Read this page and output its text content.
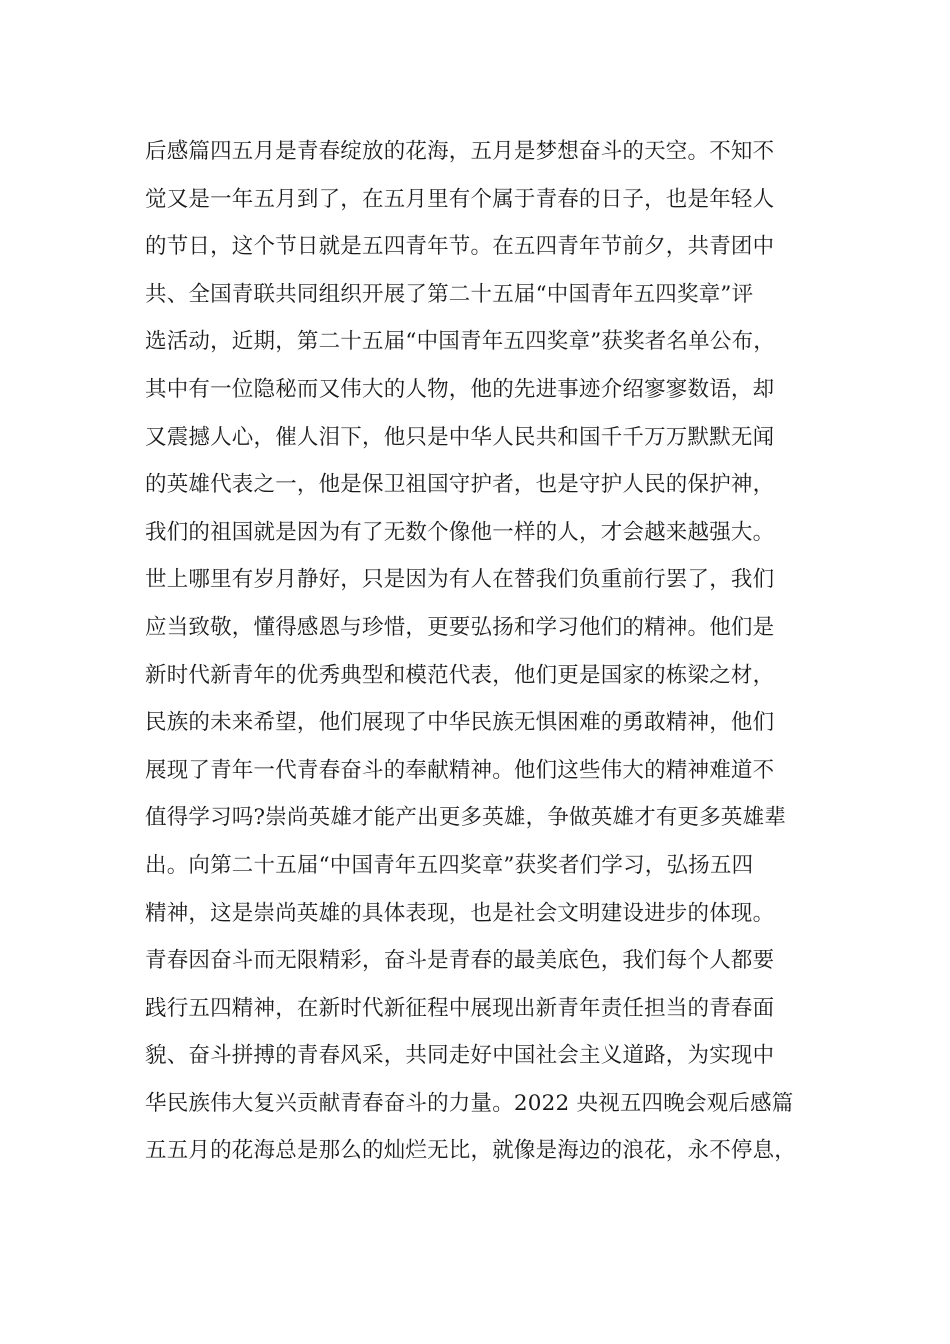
后感篇四五月是青春绽放的花海，五月是梦想奋斗的天空。不知不
觉又是一年五月到了，在五月里有个属于青春的日子，也是年轻人
的节日，这个节日就是五四青年节。在五四青年节前夕，共青团中
共、全国青联共同组织开展了第二十五届“中国青年五四奖章”评
选活动，近期，第二十五届“中国青年五四奖章”获奖者名单公布，
其中有一位隐秘而又伟大的人物，他的先进事迹介绍寥寥数语，却
又震撼人心，催人泪下，他只是中华人民共和国千千万万默默无闻
的英雄代表之一，他是保卫祖国守护者，也是守护人民的保护神，
我们的祖国就是因为有了无数个像他一样的人，才会越来越强大。
世上哪里有岁月静好，只是因为有人在替我们负重前行罢了，我们
应当致敬，懂得感恩与珍惜，更要弘扬和学习他们的精神。他们是
新时代新青年的优秀典型和模范代表，他们更是国家的栋梁之材，
民族的未来希望，他们展现了中华民族无惧困难的勇敢精神，他们
展现了青年一代青春奋斗的奉献精神。他们这些伟大的精神难道不
值得学习吗?崇尚英雄才能产出更多英雄，争做英雄才有更多英雄辈
出。向第二十五届“中国青年五四奖章”获奖者们学习，弘扬五四
精神，这是崇尚英雄的具体表现，也是社会文明建设进步的体现。
青春因奋斗而无限精彩，奋斗是青春的最美底色，我们每个人都要
践行五四精神，在新时代新征程中展现出新青年责任担当的青春面
貌、奋斗拼搏的青春风采，共同走好中国社会主义道路，为实现中
华民族伟大复兴贡献青春奋斗的力量。2022 央视五四晚会观后感篇
五五月的花海总是那么的灿烂无比，就像是海边的浪花，永不停息，
